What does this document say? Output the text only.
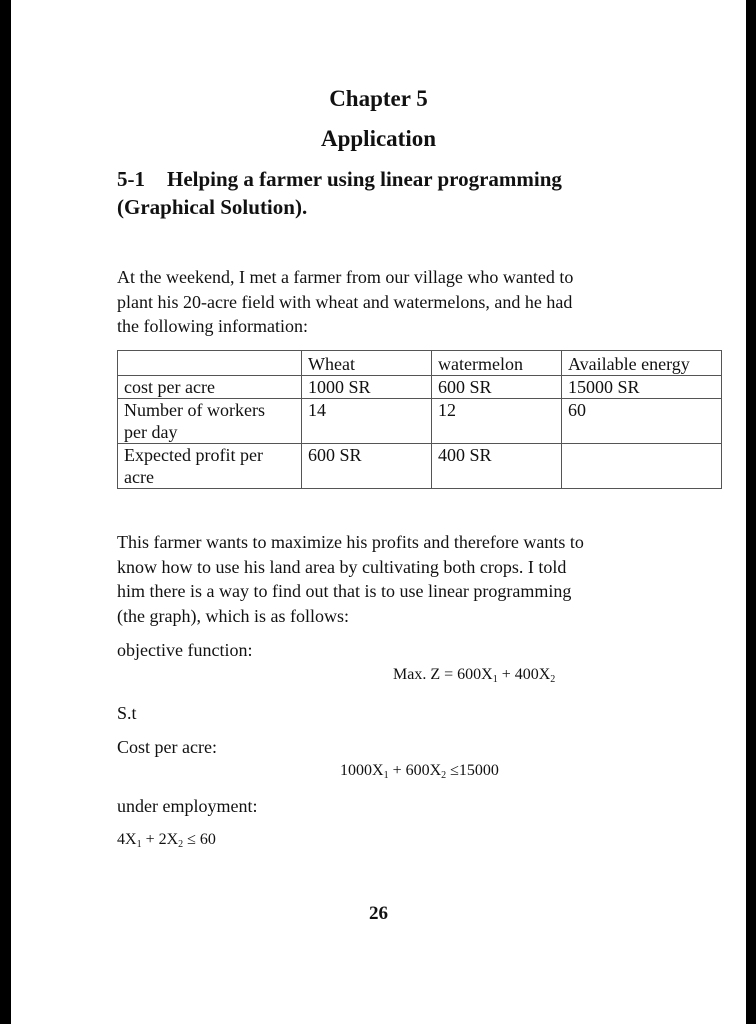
Chapter 5
Application
5-1 Helping a farmer using linear programming
(Graphical Solution).
At the weekend, I met a farmer from our village who wanted to
plant his 20-acre field with wheat and watermelons, and he had
the following information:
	Wheat	watermelon	Available energy
cost per acre	1000 SR	600 SR	15000 SR

Number of workers
per day	14	12	60

Expected profit per
acre	600 SR	400 SR	
This farmer wants to maximize his profits and therefore wants to
know how to use his land area by cultivating both crops. I told
him there is a way to find out that is to use linear programming
(the graph), which is as follows:
objective function:
Max. $Z = 600X_1 + 400X_2$
S.t
Cost per acre:
$1000X_1 + 600X_2 \le 15000$
under employment:
$4X_1 + 2X_2 \le 60$
26
